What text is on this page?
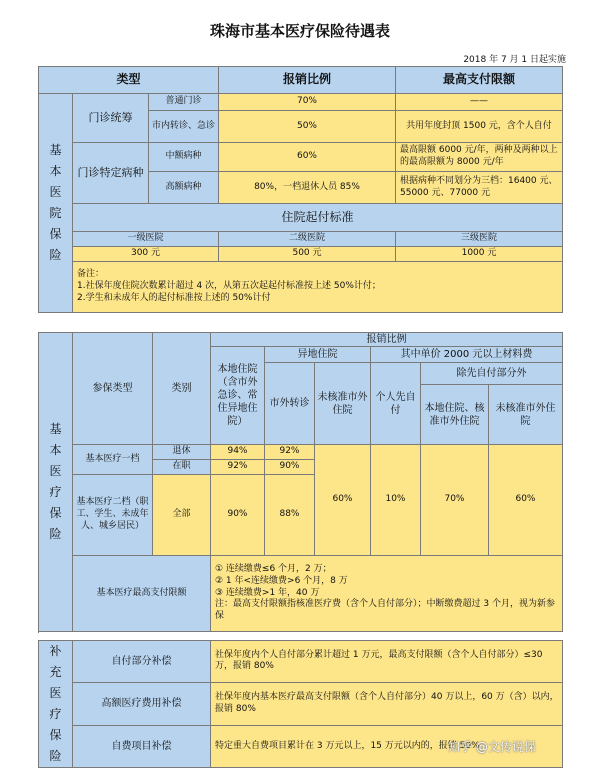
珠海市基本医疗保险待遇表
2018 年 7 月 1 日起实施
类型			报销比例	最高支付限额
基本医院保险	门诊统筹	普通门诊	70%	——
		市内转诊、急诊	50%	共用年度封顶 1500 元，含个人自付
	门诊特定病种	中额病种	60%	最高限额 6000 元/年，两种及两种以上的最高限额为 8000 元/年
		高额病种	80%，一档退休人员 85%	根据病种不同划分为三档：16400 元、55000 元、77000 元
	住院起付标准			
	一级医院		二级医院	三级医院
	300 元		500 元	1000 元

	备注：
1.社保年度住院次数累计超过 4 次，从第五次起起付标准按上述 50%计付；
2.学生和未成年人的起付标准按上述的 50%计付			
基本医疗保险	参保类型	类别	报销比例					
			本地住院（含市外急诊、常住异地住院）	异地住院		其中单价 2000 元以上材料费		
				市外转诊	未核准市外住院	个人先自付	除先自付部分外	
							本地住院、核准市外住院	未核准市外住院

	基本医疗一档	退休	94%	92%	60%	10%	70%	60%
		在职	92%	90%				
	基本医疗二档（职工、学生、未成年人、城乡居民）	全部	90%	88%				
	基本医疗最高支付限额		① 连续缴费≤6 个月，2 万；
② 1 年<连续缴费>6 个月，8 万
③ 连续缴费>1 年，40 万
注：最高支付限额指核准医疗费（含个人自付部分）；中断缴费超过 3 个月，视为新参保					

补充医疗保险	自付部分补偿	社保年度内个人自付部分累计超过 1 万元，最高支付限额（含个人自付部分）≤30 万，报销 80%
	高额医疗费用补偿	社保年度内基本医疗最高支付限额（含个人自付部分）40 万以上，60 万（含）以内，报销 80%
	自费项目补偿	特定重大自费项目累计在 3 万元以上，15 万元以内的，报销 50%
知乎 @文传说保
